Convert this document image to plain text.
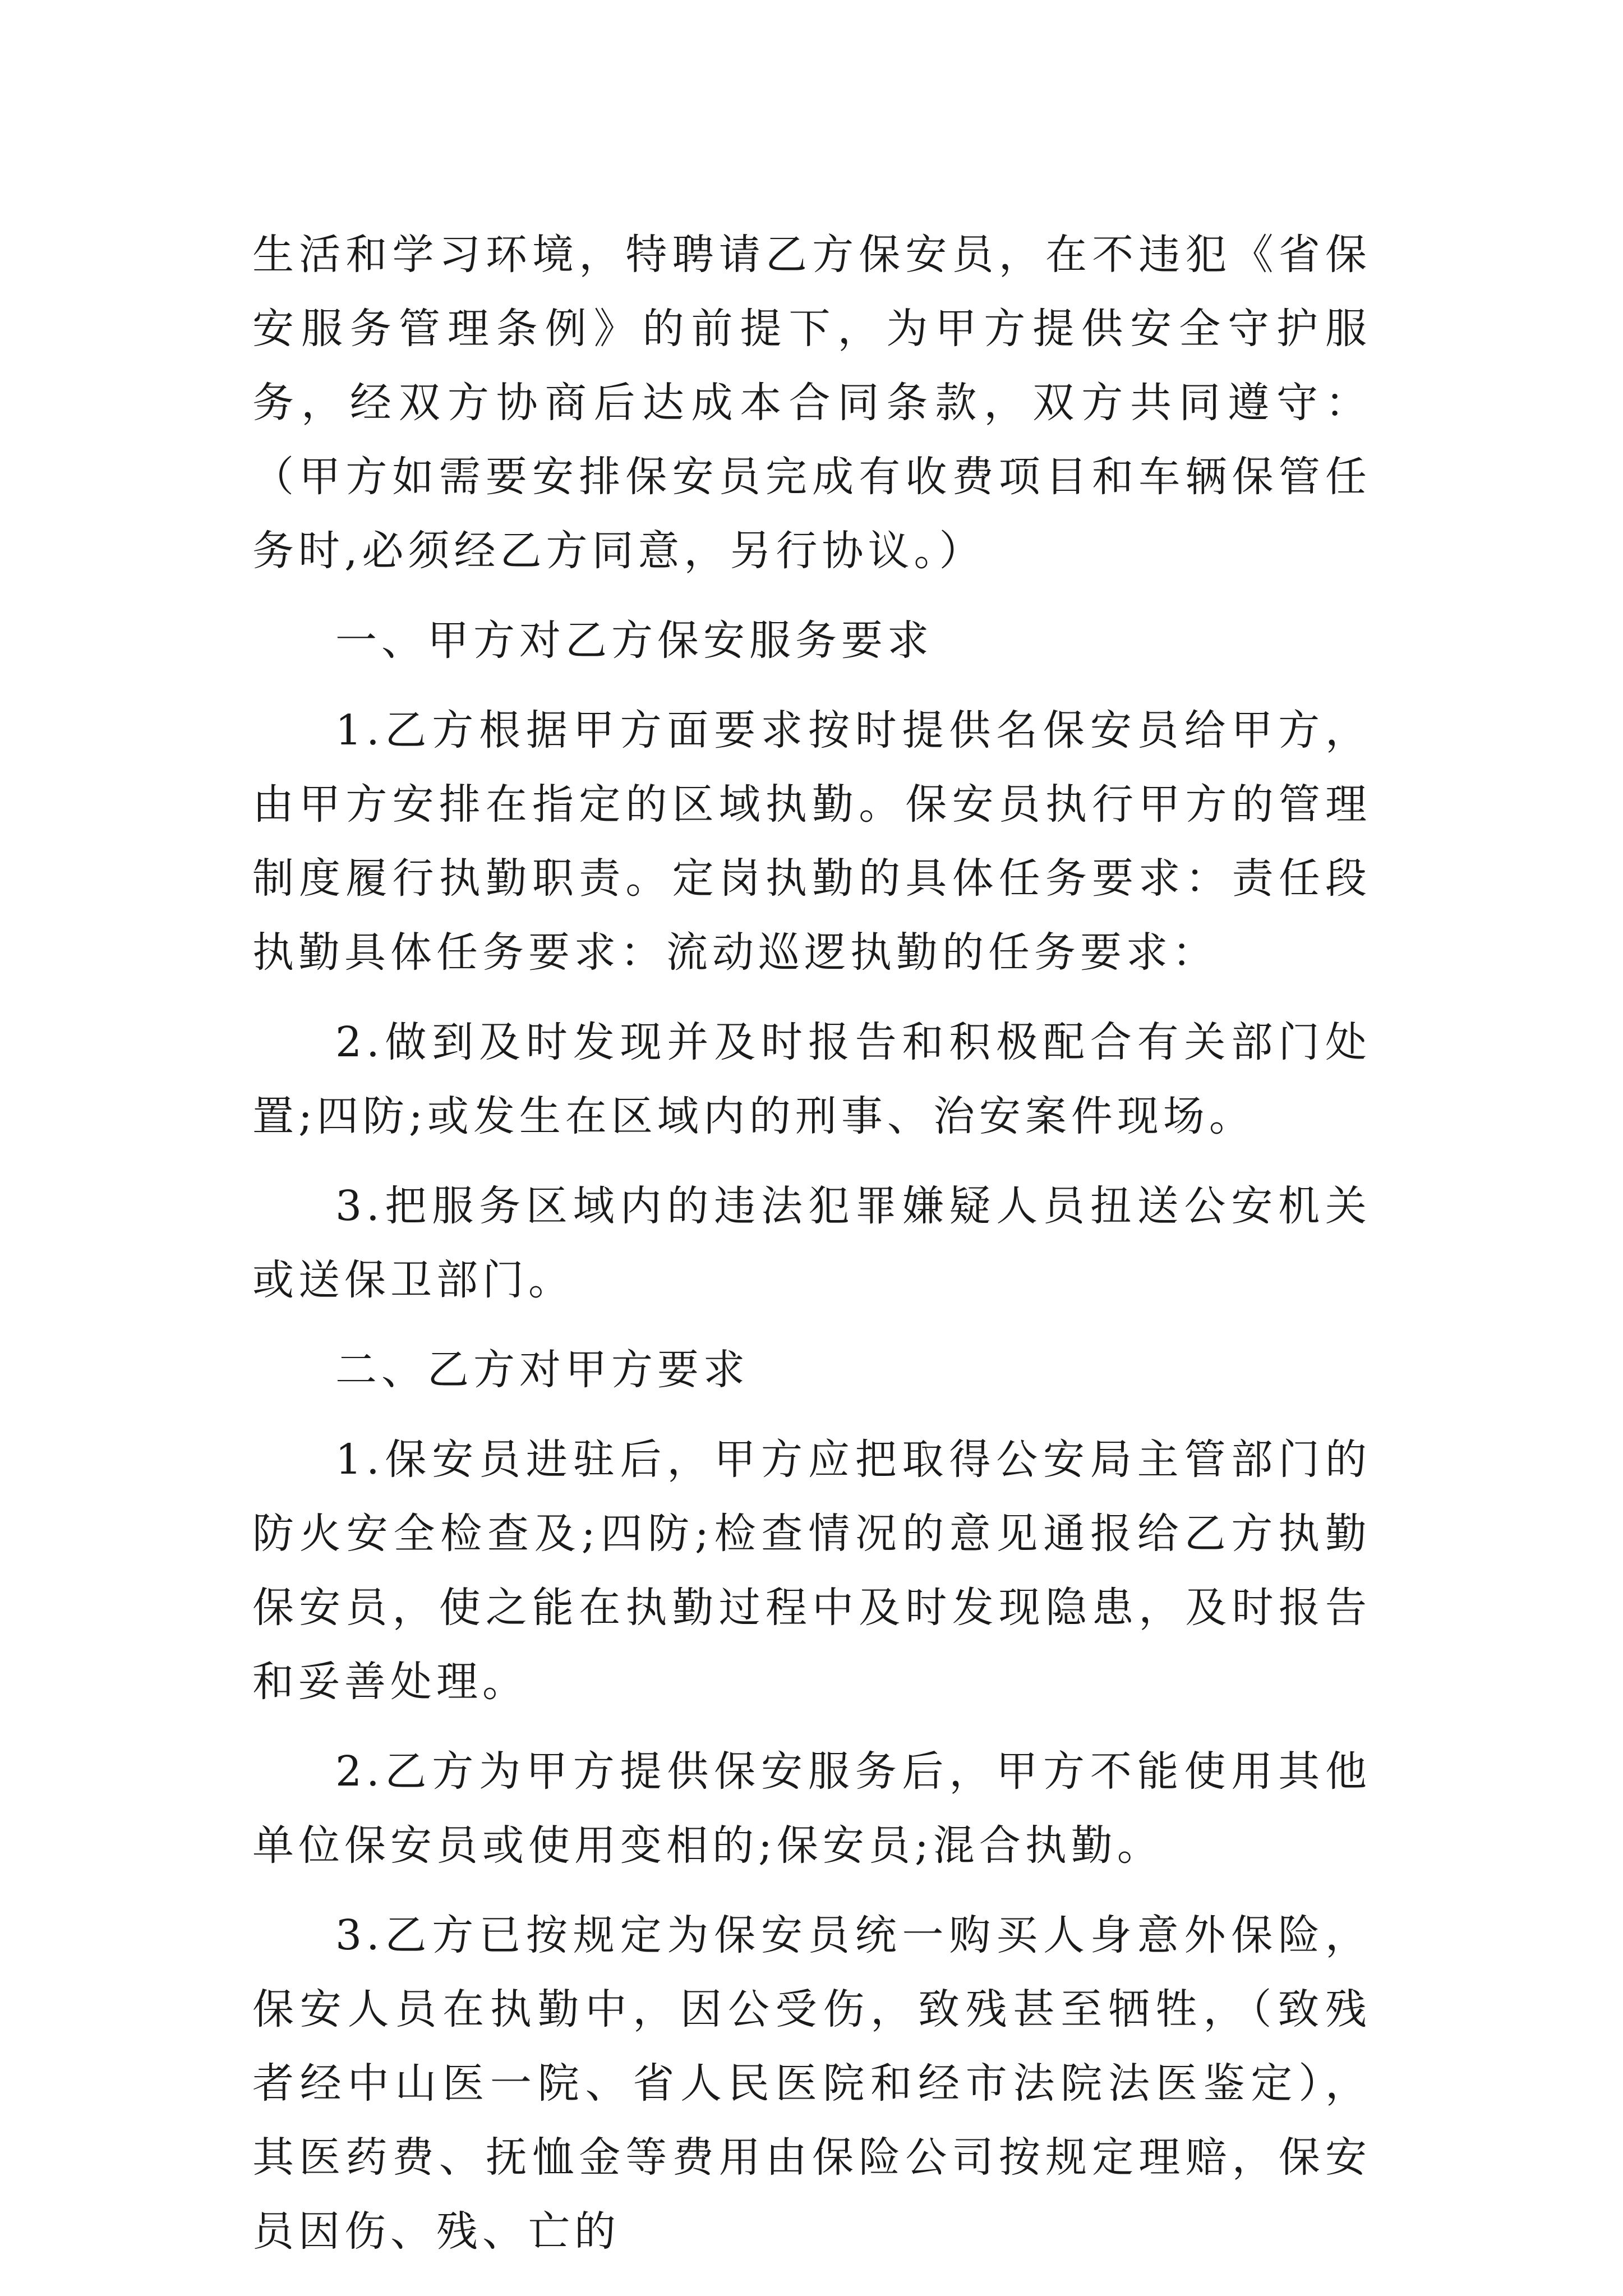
生活和学习环境，特聘请乙方保安员，在不违犯《省保安服务管理条例》的前提下，为甲方提供安全守护服务，经双方协商后达成本合同条款，双方共同遵守：（甲方如需要安排保安员完成有收费项目和车辆保管任务时,必须经乙方同意，另行协议。）

一、甲方对乙方保安服务要求

1.乙方根据甲方面要求按时提供名保安员给甲方，由甲方安排在指定的区域执勤。保安员执行甲方的管理制度履行执勤职责。定岗执勤的具体任务要求：责任段执勤具体任务要求：流动巡逻执勤的任务要求：

2.做到及时发现并及时报告和积极配合有关部门处置;四防;或发生在区域内的刑事、治安案件现场。

3.把服务区域内的违法犯罪嫌疑人员扭送公安机关或送保卫部门。

二、乙方对甲方要求

1.保安员进驻后，甲方应把取得公安局主管部门的防火安全检查及;四防;检查情况的意见通报给乙方执勤保安员，使之能在执勤过程中及时发现隐患，及时报告和妥善处理。

2.乙方为甲方提供保安服务后，甲方不能使用其他单位保安员或使用变相的;保安员;混合执勤。

3.乙方已按规定为保安员统一购买人身意外保险，保安人员在执勤中，因公受伤，致残甚至牺牲，（致残者经中山医一院、省人民医院和经市法院法医鉴定），其医药费、抚恤金等费用由保险公司按规定理赔，保安员因伤、残、亡的
